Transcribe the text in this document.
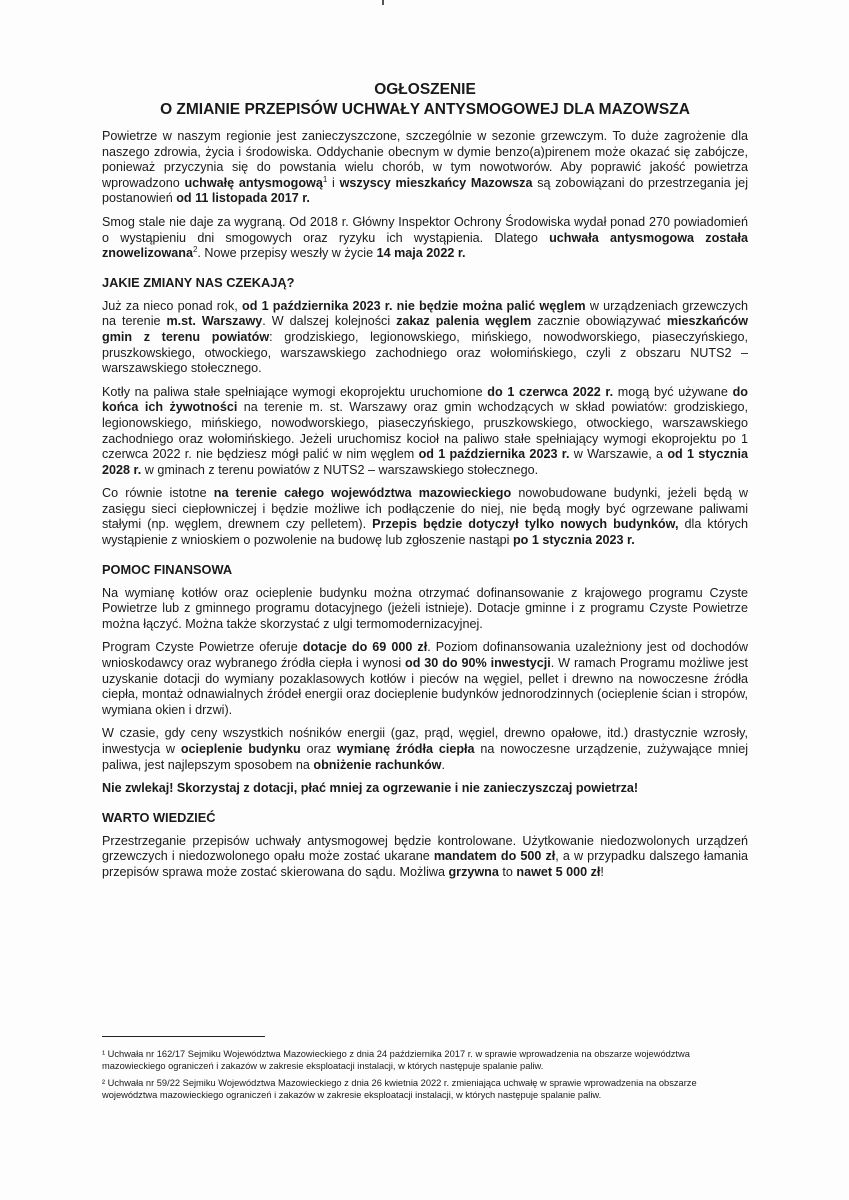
OGŁOSZENIE
O ZMIANIE PRZEPISÓW UCHWAŁY ANTYSMOGOWEJ DLA MAZOWSZA

Powietrze w naszym regionie jest zanieczyszczone, szczególnie w sezonie grzewczym. To duże zagrożenie dla naszego zdrowia, życia i środowiska. Oddychanie obecnym w dymie benzo(a)pirenem może okazać się zabójcze, ponieważ przyczynia się do powstania wielu chorób, w tym nowotworów. Aby poprawić jakość powietrza wprowadzono uchwałę antysmogową$^1$ i wszyscy mieszkańcy Mazowsza są zobowiązani do przestrzegania jej postanowień od 11 listopada 2017 r.

Smog stale nie daje za wygraną. Od 2018 r. Główny Inspektor Ochrony Środowiska wydał ponad 270 powiadomień o wystąpieniu dni smogowych oraz ryzyku ich wystąpienia. Dlatego uchwała antysmogowa została znowelizowana$^2$. Nowe przepisy weszły w życie 14 maja 2022 r.

JAKIE ZMIANY NAS CZEKAJĄ?

Już za nieco ponad rok, od 1 października 2023 r. nie będzie można palić węglem w urządzeniach grzewczych na terenie m.st. Warszawy. W dalszej kolejności zakaz palenia węglem zacznie obowiązywać mieszkańców gmin z terenu powiatów: grodziskiego, legionowskiego, mińskiego, nowodworskiego, piaseczyńskiego, pruszkowskiego, otwockiego, warszawskiego zachodniego oraz wołomińskiego, czyli z obszaru NUTS2 – warszawskiego stołecznego.

Kotły na paliwa stałe spełniające wymogi ekoprojektu uruchomione do 1 czerwca 2022 r. mogą być używane do końca ich żywotności na terenie m. st. Warszawy oraz gmin wchodzących w skład powiatów: grodziskiego, legionowskiego, mińskiego, nowodworskiego, piaseczyńskiego, pruszkowskiego, otwockiego, warszawskiego zachodniego oraz wołomińskiego. Jeżeli uruchomisz kocioł na paliwo stałe spełniający wymogi ekoprojektu po 1 czerwca 2022 r. nie będziesz mógł palić w nim węglem od 1 października 2023 r. w Warszawie, a od 1 stycznia 2028 r. w gminach z terenu powiatów z NUTS2 – warszawskiego stołecznego.

Co równie istotne na terenie całego województwa mazowieckiego nowobudowane budynki, jeżeli będą w zasięgu sieci ciepłowniczej i będzie możliwe ich podłączenie do niej, nie będą mogły być ogrzewane paliwami stałymi (np. węglem, drewnem czy pelletem). Przepis będzie dotyczył tylko nowych budynków, dla których wystąpienie z wnioskiem o pozwolenie na budowę lub zgłoszenie nastąpi po 1 stycznia 2023 r.

POMOC FINANSOWA

Na wymianę kotłów oraz ocieplenie budynku można otrzymać dofinansowanie z krajowego programu Czyste Powietrze lub z gminnego programu dotacyjnego (jeżeli istnieje). Dotacje gminne i z programu Czyste Powietrze można łączyć. Można także skorzystać z ulgi termomodernizacyjnej.

Program Czyste Powietrze oferuje dotacje do 69 000 zł. Poziom dofinansowania uzależniony jest od dochodów wnioskodawcy oraz wybranego źródła ciepła i wynosi od 30 do 90% inwestycji. W ramach Programu możliwe jest uzyskanie dotacji do wymiany pozaklasowych kotłów i pieców na węgiel, pellet i drewno na nowoczesne źródła ciepła, montaż odnawialnych źródeł energii oraz docieplenie budynków jednorodzinnych (ocieplenie ścian i stropów, wymiana okien i drzwi).

W czasie, gdy ceny wszystkich nośników energii (gaz, prąd, węgiel, drewno opałowe, itd.) drastycznie wzrosły, inwestycja w ocieplenie budynku oraz wymianę źródła ciepła na nowoczesne urządzenie, zużywające mniej paliwa, jest najlepszym sposobem na obniżenie rachunków.

Nie zwlekaj! Skorzystaj z dotacji, płać mniej za ogrzewanie i nie zanieczyszczaj powietrza!

WARTO WIEDZIEĆ

Przestrzeganie przepisów uchwały antysmogowej będzie kontrolowane. Użytkowanie niedozwolonych urządzeń grzewczych i niedozwolonego opału może zostać ukarane mandatem do 500 zł, a w przypadku dalszego łamania przepisów sprawa może zostać skierowana do sądu. Możliwa grzywna to nawet 5 000 zł!

¹ Uchwała nr 162/17 Sejmiku Województwa Mazowieckiego z dnia 24 października 2017 r. w sprawie wprowadzenia na obszarze województwa mazowieckiego ograniczeń i zakazów w zakresie eksploatacji instalacji, w których następuje spalanie paliw.

² Uchwała nr 59/22 Sejmiku Województwa Mazowieckiego z dnia 26 kwietnia 2022 r. zmieniająca uchwałę w sprawie wprowadzenia na obszarze województwa mazowieckiego ograniczeń i zakazów w zakresie eksploatacji instalacji, w których następuje spalanie paliw.
